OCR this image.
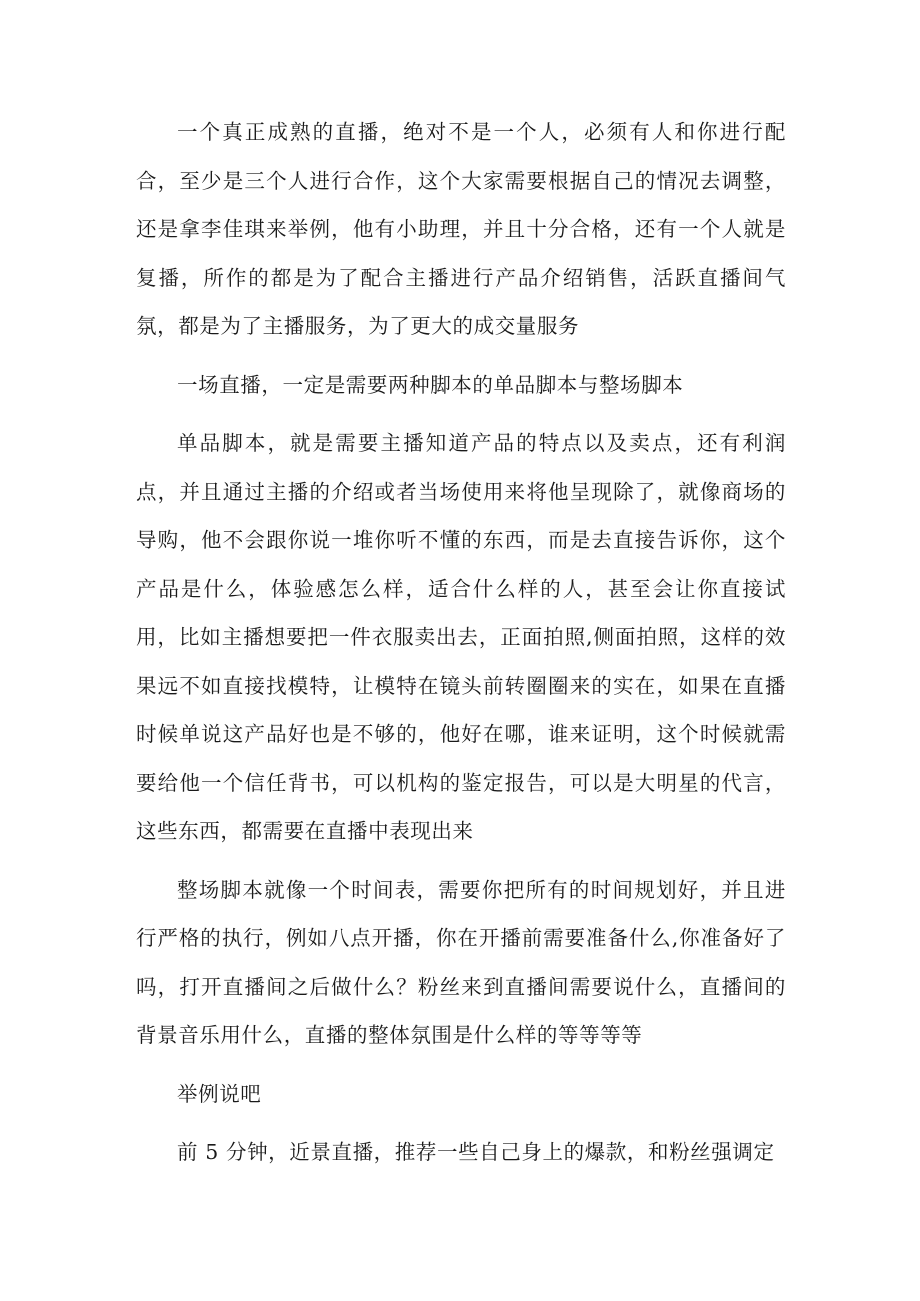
一个真正成熟的直播，绝对不是一个人，必须有人和你进行配合，至少是三个人进行合作，这个大家需要根据自己的情况去调整，还是拿李佳琪来举例，他有小助理，并且十分合格，还有一个人就是复播，所作的都是为了配合主播进行产品介绍销售，活跃直播间气氛，都是为了主播服务，为了更大的成交量服务

一场直播，一定是需要两种脚本的单品脚本与整场脚本

单品脚本，就是需要主播知道产品的特点以及卖点，还有利润点，并且通过主播的介绍或者当场使用来将他呈现除了，就像商场的导购，他不会跟你说一堆你听不懂的东西，而是去直接告诉你，这个产品是什么，体验感怎么样，适合什么样的人，甚至会让你直接试用，比如主播想要把一件衣服卖出去，正面拍照,侧面拍照，这样的效果远不如直接找模特，让模特在镜头前转圈圈来的实在，如果在直播时候单说这产品好也是不够的，他好在哪，谁来证明，这个时候就需要给他一个信任背书，可以机构的鉴定报告，可以是大明星的代言，这些东西，都需要在直播中表现出来

整场脚本就像一个时间表，需要你把所有的时间规划好，并且进行严格的执行，例如八点开播，你在开播前需要准备什么,你准备好了吗，打开直播间之后做什么？粉丝来到直播间需要说什么，直播间的背景音乐用什么，直播的整体氛围是什么样的等等等等

举例说吧

前 5 分钟，近景直播，推荐一些自己身上的爆款，和粉丝强调定
